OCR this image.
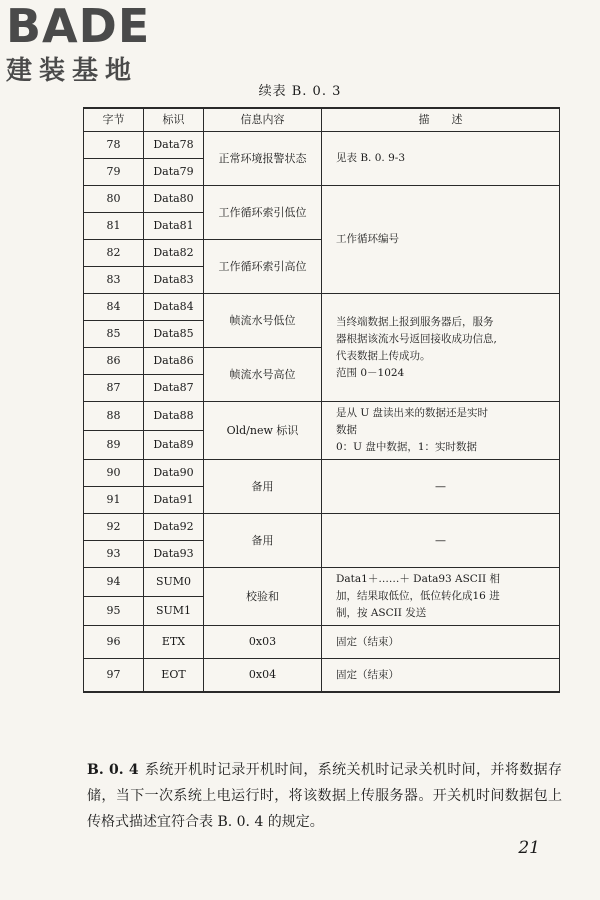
BADE
建装基地
续表 B. 0. 3
字节	标识	信息内容	描　　述
78	Data78	正常环境报警状态	见表 B. 0. 9-3

79	Data79		
80	Data80	工作循环索引低位	工作循环编号

81	Data81		
82	Data82	工作循环索引高位	
83	Data83		
84	Data84	帧流水号低位	当终端数据上报到服务器后，服务
器根据该流水号返回接收成功信息,
代表数据上传成功。
范围 0－1024

85	Data85		
86	Data86	帧流水号高位	
87	Data87		
88	Data88	Old/new 标识	是从 U 盘读出来的数据还是实时
数据
0：U 盘中数据，1：实时数据

89	Data89		
90	Data90	备用	—
91	Data91		
92	Data92	备用	—
93	Data93		
94	SUM0	校验和	Data1＋……＋ Data93 ASCII 相
加，结果取低位，低位转化成16 进
制，按 ASCII 发送

95	SUM1		
96	ETX	0x03	固定（结束）
97	EOT	0x04	固定（结束）
B. 0. 4 系统开机时记录开机时间，系统关机时记录关机时间，并将数据存储，当下一次系统上电运行时，将该数据上传服务器。开关机时间数据包上传格式描述宜符合表 B. 0. 4 的规定。
21
